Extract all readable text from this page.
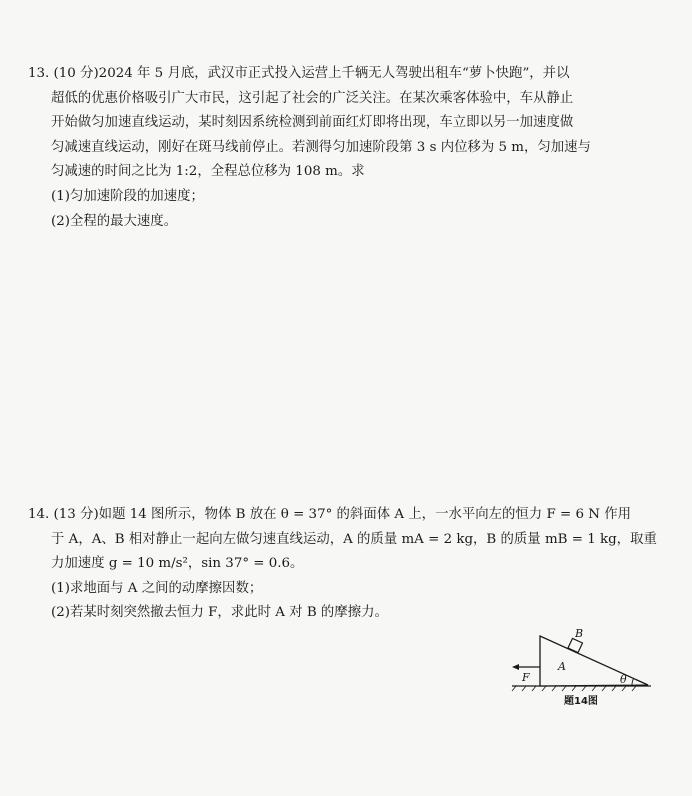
13. (10 分)2024 年 5 月底，武汉市正式投入运营上千辆无人驾驶出租车“萝卜快跑”，并以
超低的优惠价格吸引广大市民，这引起了社会的广泛关注。在某次乘客体验中，车从静止
开始做匀加速直线运动，某时刻因系统检测到前面红灯即将出现，车立即以另一加速度做
匀减速直线运动，刚好在斑马线前停止。若测得匀加速阶段第 3 s 内位移为 5 m，匀加速与
匀减速的时间之比为 1:2，全程总位移为 108 m。求
(1)匀加速阶段的加速度；
(2)全程的最大速度。
14. (13 分)如题 14 图所示，物体 B 放在 θ = 37° 的斜面体 A 上，一水平向左的恒力 F = 6 N 作用
于 A，A、B 相对静止一起向左做匀速直线运动，A 的质量 mA = 2 kg，B 的质量 mB = 1 kg，取重
力加速度 g = 10 m/s²，sin 37° = 0.6。
(1)求地面与 A 之间的动摩擦因数；
(2)若某时刻突然撤去恒力 F，求此时 A 对 B 的摩擦力。
B
A
F	θ
题14图
